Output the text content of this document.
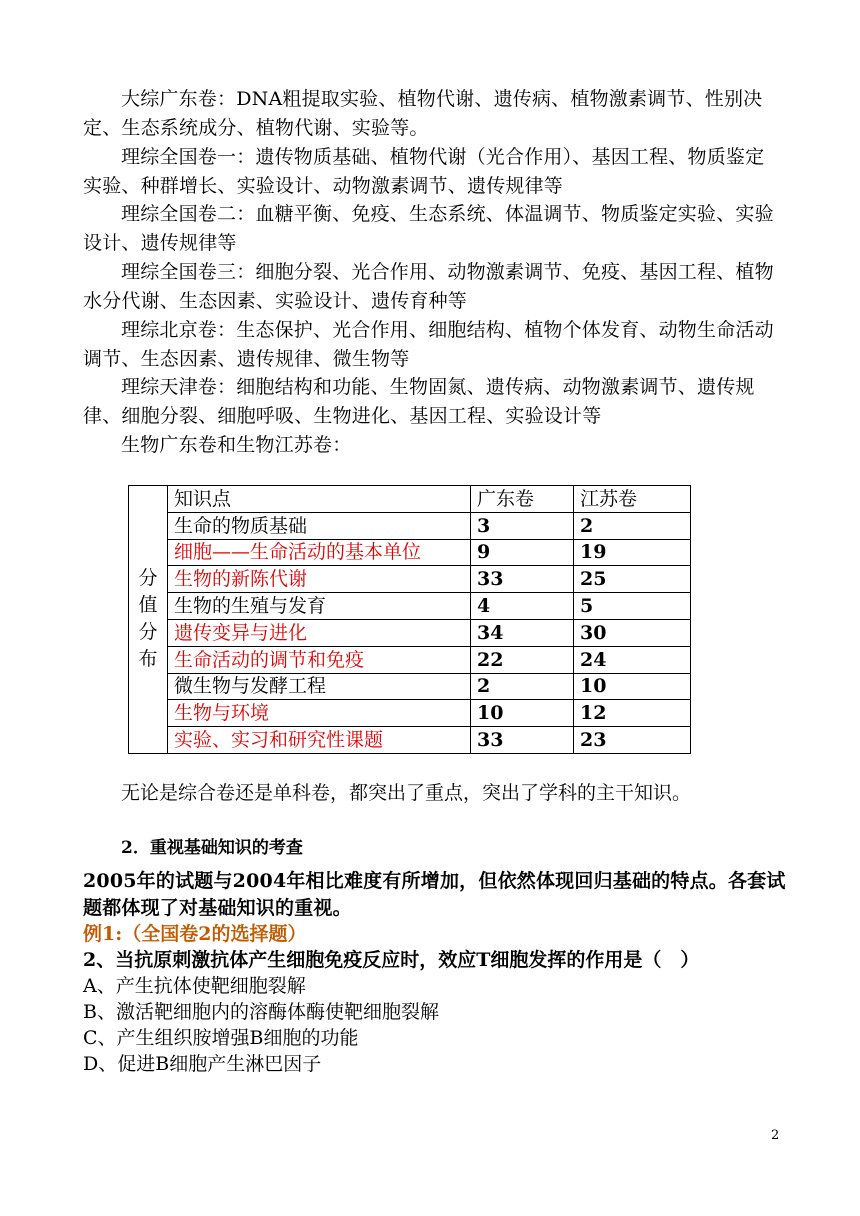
大综广东卷：DNA粗提取实验、植物代谢、遗传病、植物激素调节、性别决定、生态系统成分、植物代谢、实验等。
理综全国卷一：遗传物质基础、植物代谢（光合作用）、基因工程、物质鉴定实验、种群增长、实验设计、动物激素调节、遗传规律等
理综全国卷二：血糖平衡、免疫、生态系统、体温调节、物质鉴定实验、实验设计、遗传规律等
理综全国卷三：细胞分裂、光合作用、动物激素调节、免疫、基因工程、植物水分代谢、生态因素、实验设计、遗传育种等
理综北京卷：生态保护、光合作用、细胞结构、植物个体发育、动物生命活动调节、生态因素、遗传规律、微生物等
理综天津卷：细胞结构和功能、生物固氮、遗传病、动物激素调节、遗传规律、细胞分裂、细胞呼吸、生物进化、基因工程、实验设计等
生物广东卷和生物江苏卷：
分
值
分
布	知识点	广东卷	江苏卷
	生命的物质基础	3	2
	细胞——生命活动的基本单位	9	19
	生物的新陈代谢	33	25
	生物的生殖与发育	4	5
	遗传变异与进化	34	30
	生命活动的调节和免疫	22	24
	微生物与发酵工程	2	10
	生物与环境	10	12
	实验、实习和研究性课题	33	23
无论是综合卷还是单科卷，都突出了重点，突出了学科的主干知识。
2．重视基础知识的考查
2005年的试题与2004年相比难度有所增加，但依然体现回归基础的特点。各套试题都体现了对基础知识的重视。
例1:（全国卷2的选择题）
2、当抗原刺激抗体产生细胞免疫反应时，效应T细胞发挥的作用是（　）
A、产生抗体使靶细胞裂解
B、激活靶细胞内的溶酶体酶使靶细胞裂解
C、产生组织胺增强B细胞的功能
D、促进B细胞产生淋巴因子
2
